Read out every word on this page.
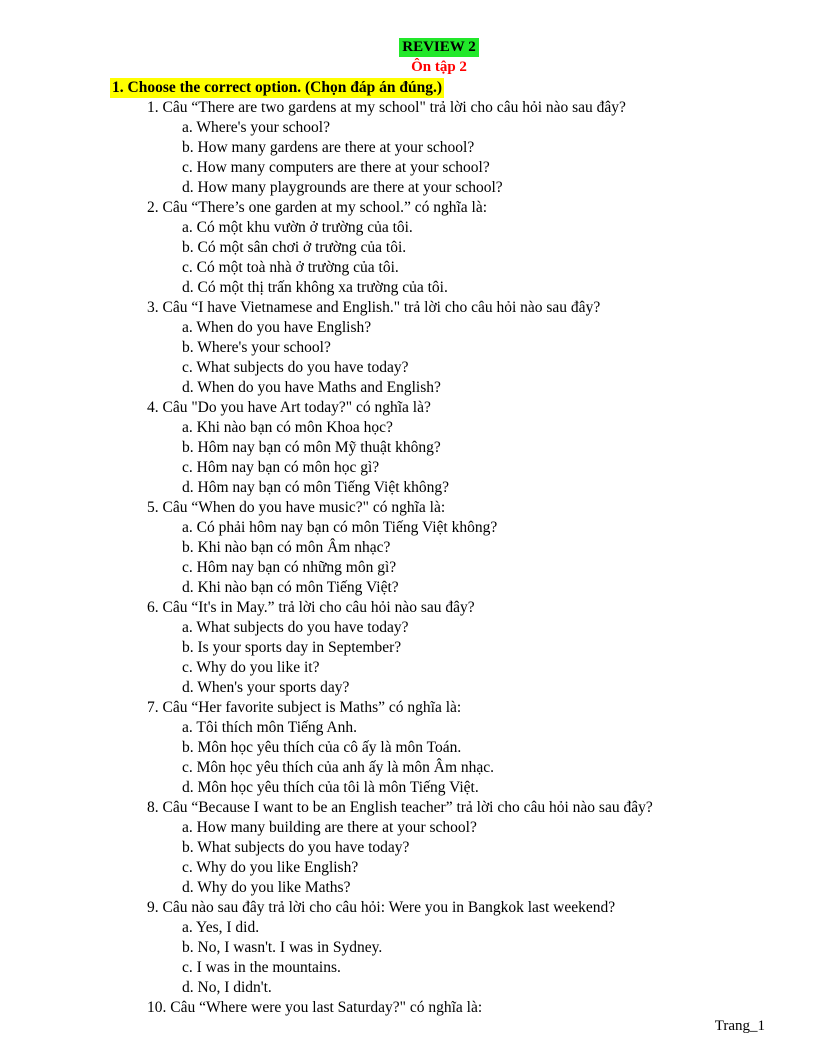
REVIEW 2
Ôn tập 2
1. Choose the correct option. (Chọn đáp án đúng.)
1. Câu “There are two gardens at my school" trả lời cho câu hỏi nào sau đây?
a. Where's your school?
b. How many gardens are there at your school?
c. How many computers are there at your school?
d. How many playgrounds are there at your school?
2. Câu “There’s one garden at my school.” có nghĩa là:
a. Có một khu vườn ở trường của tôi.
b. Có một sân chơi ở trường của tôi.
c. Có một toà nhà ở trường của tôi.
d. Có một thị trấn không xa trường của tôi.
3. Câu “I have Vietnamese and English." trả lời cho câu hỏi nào sau đây?
a. When do you have English?
b. Where's your school?
c. What subjects do you have today?
d. When do you have Maths and English?
4. Câu "Do you have Art today?" có nghĩa là?
a. Khi nào bạn có môn Khoa học?
b. Hôm nay bạn có môn Mỹ thuật không?
c. Hôm nay bạn có môn học gì?
d. Hôm nay bạn có môn Tiếng Việt không?
5. Câu “When do you have music?" có nghĩa là:
a. Có phải hôm nay bạn có môn Tiếng Việt không?
b. Khi nào bạn có môn Âm nhạc?
c. Hôm nay bạn có những môn gì?
d. Khi nào bạn có môn Tiếng Việt?
6. Câu “It's in May.” trả lời cho câu hỏi nào sau đây?
a. What subjects do you have today?
b. Is your sports day in September?
c. Why do you like it?
d. When's your sports day?
7. Câu “Her favorite subject is Maths” có nghĩa là:
a. Tôi thích môn Tiếng Anh.
b. Môn học yêu thích của cô ấy là môn Toán.
c. Môn học yêu thích của anh ấy là môn Âm nhạc.
d. Môn học yêu thích của tôi là môn Tiếng Việt.
8. Câu “Because I want to be an English teacher” trả lời cho câu hỏi nào sau đây?
a. How many building are there at your school?
b. What subjects do you have today?
c. Why do you like English?
d. Why do you like Maths?
9. Câu nào sau đây trả lời cho câu hỏi: Were you in Bangkok last weekend?
a. Yes, I did.
b. No, I wasn't. I was in Sydney.
c. I was in the mountains.
d. No, I didn't.
10. Câu “Where were you last Saturday?" có nghĩa là:
Trang_1
